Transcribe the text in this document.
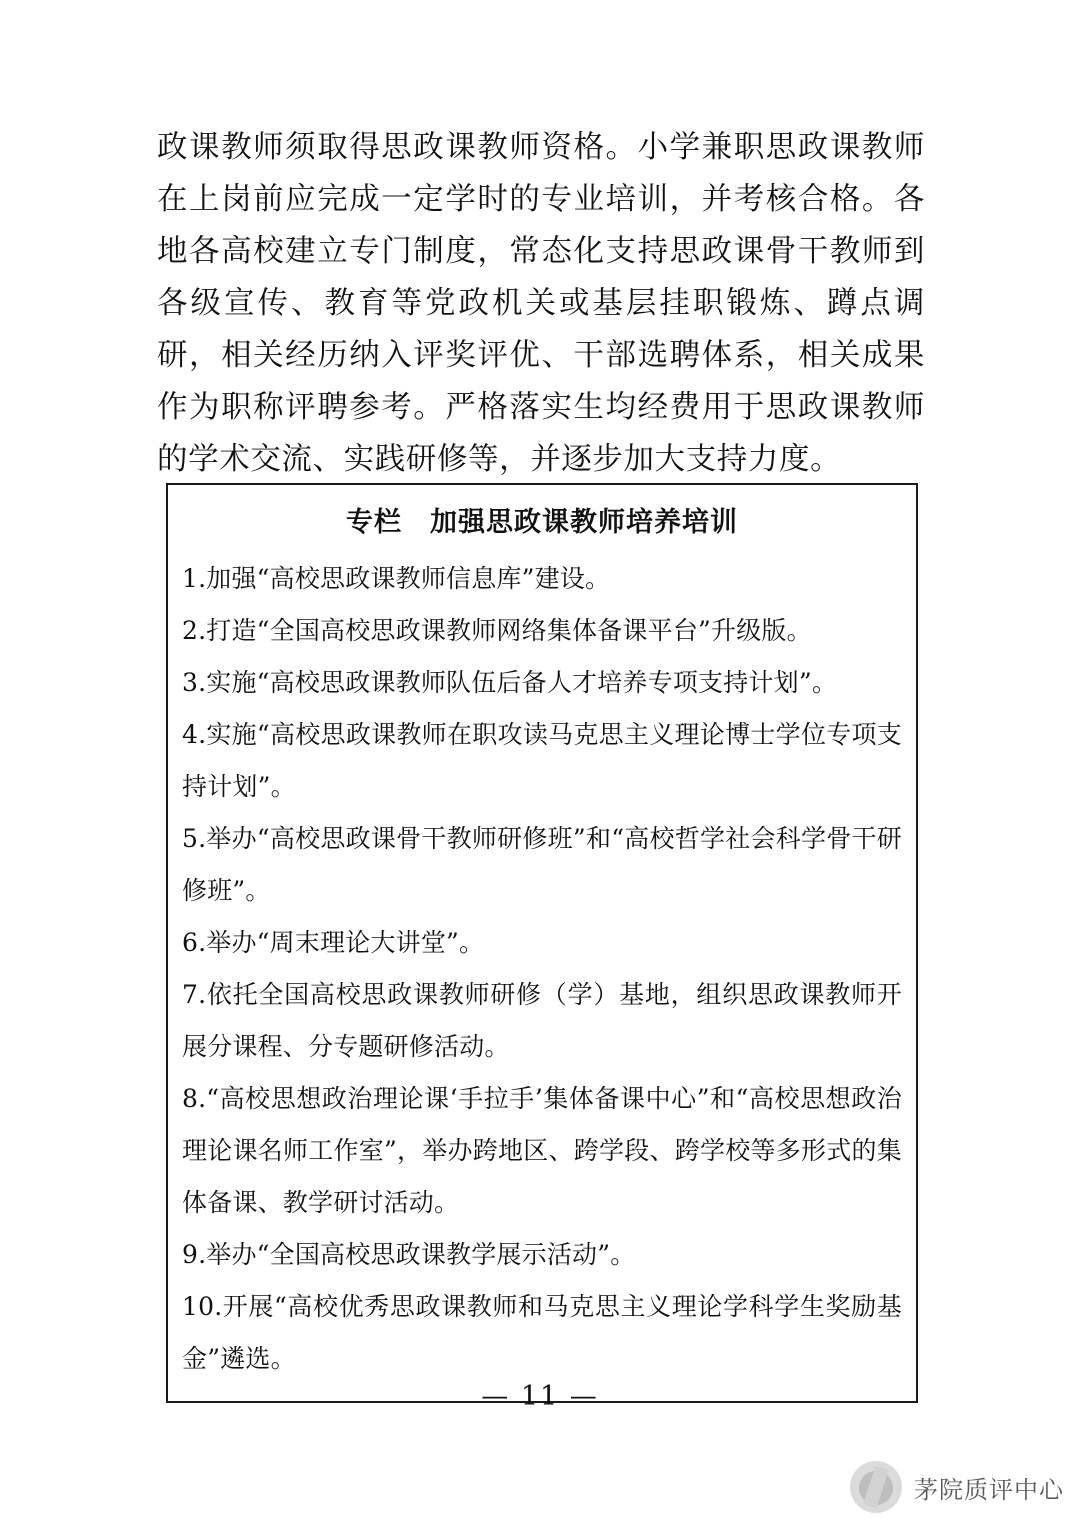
政课教师须取得思政课教师资格。小学兼职思政课教师在上岗前应完成一定学时的专业培训，并考核合格。各地各高校建立专门制度，常态化支持思政课骨干教师到各级宣传、教育等党政机关或基层挂职锻炼、蹲点调研，相关经历纳入评奖评优、干部选聘体系，相关成果作为职称评聘参考。严格落实生均经费用于思政课教师的学术交流、实践研修等，并逐步加大支持力度。

专栏 加强思政课教师培养培训
1.加强“高校思政课教师信息库”建设。
2.打造“全国高校思政课教师网络集体备课平台”升级版。
3.实施“高校思政课教师队伍后备人才培养专项支持计划”。
4.实施“高校思政课教师在职攻读马克思主义理论博士学位专项支持计划”。
5.举办“高校思政课骨干教师研修班”和“高校哲学社会科学骨干研修班”。
6.举办“周末理论大讲堂”。
7.依托全国高校思政课教师研修（学）基地，组织思政课教师开展分课程、分专题研修活动。
8.“高校思想政治理论课‘手拉手’集体备课中心”和“高校思想政治理论课名师工作室”，举办跨地区、跨学段、跨学校等多形式的集体备课、教学研讨活动。
9.举办“全国高校思政课教学展示活动”。
10.开展“高校优秀思政课教师和马克思主义理论学科学生奖励基金”遴选。
— 11 —
茅院质评中心
